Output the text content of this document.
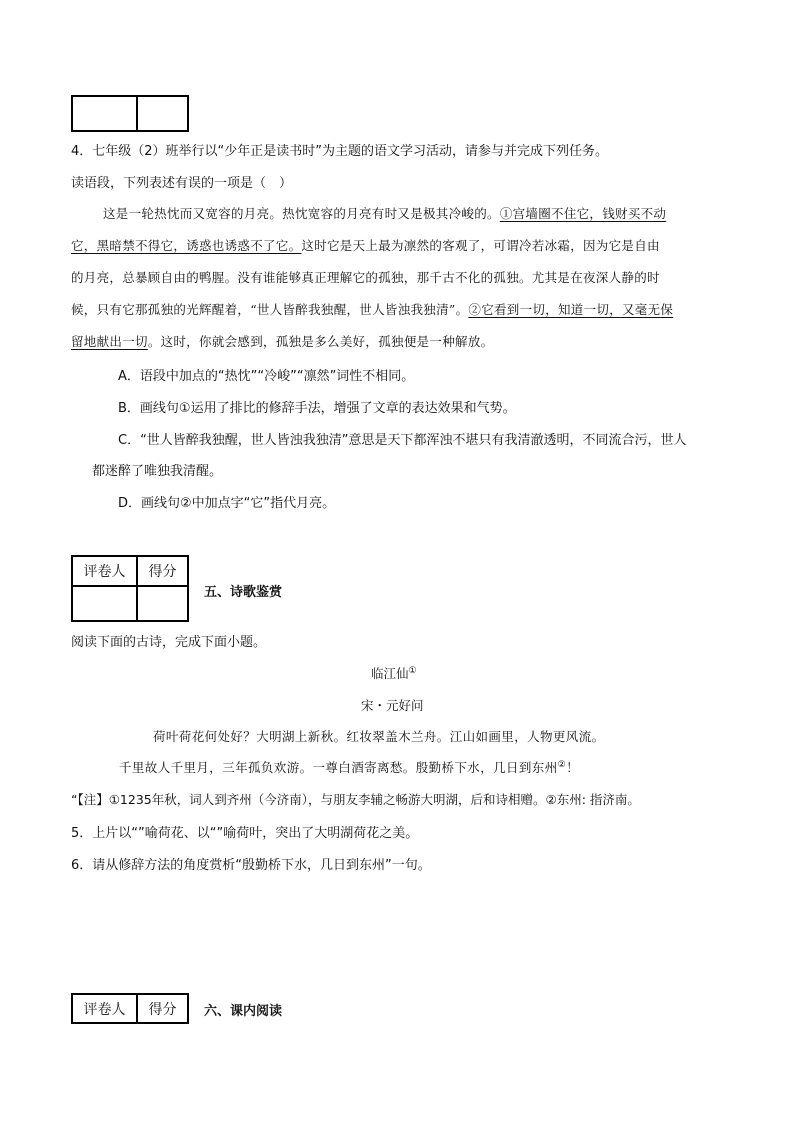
4．七年级（2）班举行以“少年正是读书时”为主题的语文学习活动，请参与并完成下列任务。
读语段，下列表述有误的一项是（　）
这是一轮热忱而又宽容的月亮。热忱宽容的月亮有时又是极其冷峻的。①宫墙圈不住它，钱财买不动
它，黑暗禁不得它，诱惑也诱惑不了它。这时它是天上最为凛然的客观了，可谓冷若冰霜，因为它是自由
的月亮，总暴顾自由的鸭腥。没有谁能够真正理解它的孤独，那千古不化的孤独。尤其是在夜深人静的时
候，只有它那孤独的光辉醒着，“世人皆醉我独醒，世人皆浊我独清”。②它看到一切，知道一切，又毫无保
留地献出一切。这时，你就会感到，孤独是多么美好，孤独便是一种解放。
A．语段中加点的“热忱”“冷峻”“凛然”词性不相同。
B．画线句①运用了排比的修辞手法，增强了文章的表达效果和气势。
C．“世人皆醉我独醒，世人皆浊我独清”意思是天下都浑浊不堪只有我清澈透明，不同流合污，世人
都迷醉了唯独我清醒。
D．画线句②中加点字“它”指代月亮。
评卷人	得分

五、诗歌鉴赏
阅读下面的古诗，完成下面小题。
临江仙①
宋・元好问
荷叶荷花何处好？大明湖上新秋。红妆翠盖木兰舟。江山如画里，人物更风流。
千里故人千里月，三年孤负欢游。一尊白酒寄离愁。殷勤桥下水，几日到东州②！
“【注】①1235年秋，词人到齐州（今济南），与朋友李辅之畅游大明湖，后和诗相赠。②东州: 指济南。
5．上片以“”喻荷花、以“”喻荷叶，突出了大明湖荷花之美。
6．请从修辞方法的角度赏析“殷勤桥下水，几日到东州”一句。
评卷人	得分 六、课内阅读
